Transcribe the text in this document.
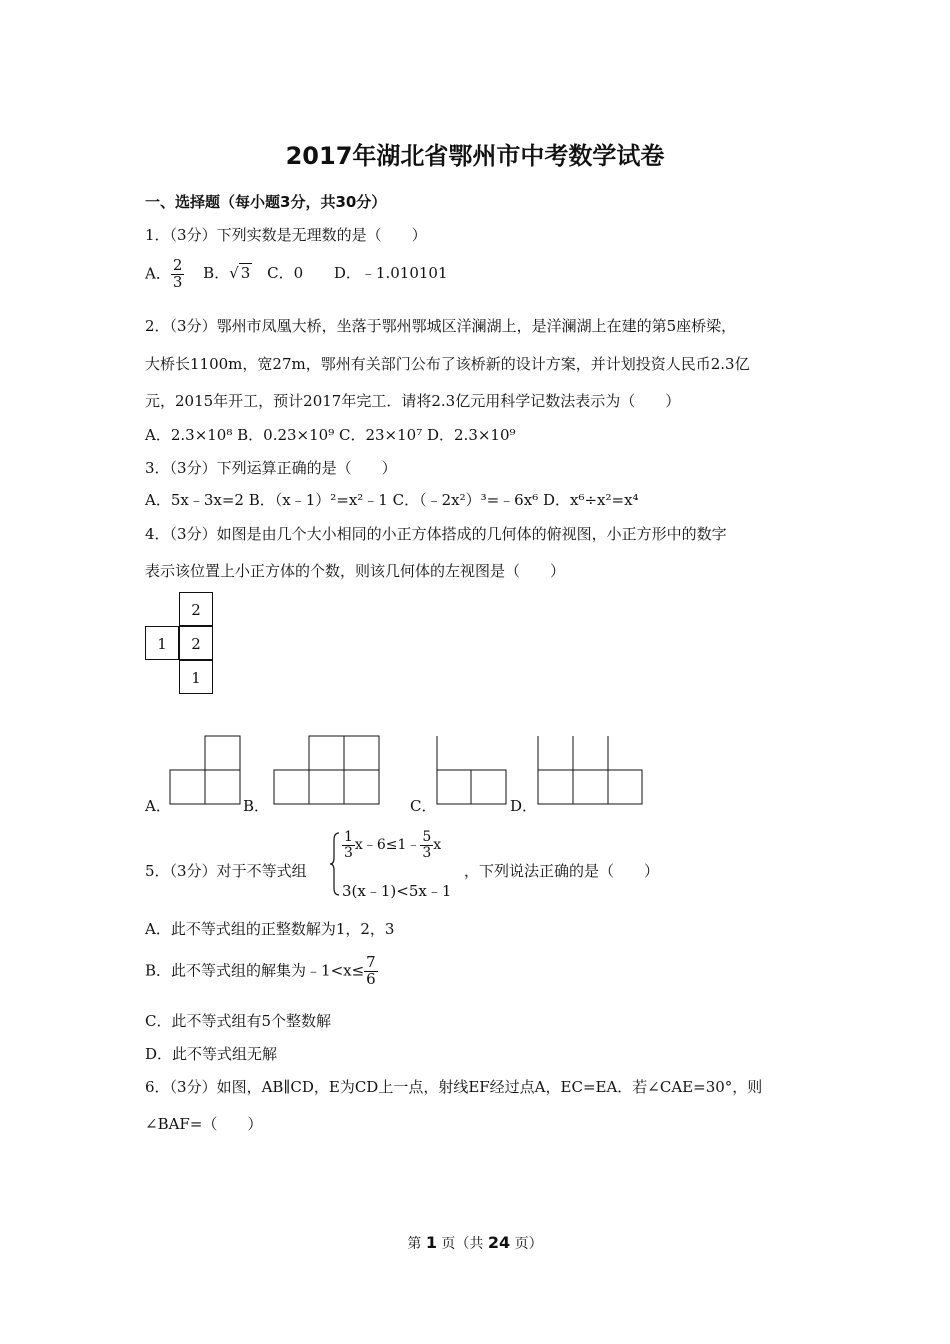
2017年湖北省鄂州市中考数学试卷
一、选择题（每小题3分，共30分）
1．（3分）下列实数是无理数的是（　　）
A． $\frac{2}{3}$ B．√ 3 C．0 D．﹣1.010101
2．（3分）鄂州市凤凰大桥，坐落于鄂州鄂城区洋澜湖上，是洋澜湖上在建的第5座桥梁，
大桥长1100m，宽27m，鄂州有关部门公布了该桥新的设计方案，并计划投资人民币2.3亿
元，2015年开工，预计2017年完工．请将2.3亿元用科学记数法表示为（　　）
A．2.3×10⁸ B．0.23×10⁹ C．23×10⁷ D．2.3×10⁹
3．（3分）下列运算正确的是（　　）
A．5x﹣3x=2 B．（x﹣1）²=x²﹣1 C．（﹣2x²）³=﹣6x⁶ D．x⁶÷x²=x⁴
4．（3分）如图是由几个大小相同的小正方体搭成的几何体的俯视图，小正方形中的数字
表示该位置上小正方体的个数，则该几何体的左视图是（　　）
2
1	2
1
A．	B．	C．	D．
5．（3分）对于不等式组
$\frac{1}{3}$ x﹣6≤1﹣ $\frac{5}{3}$ x
3(x﹣1)<5x﹣1
，下列说法正确的是（　　）
A．此不等式组的正整数解为1，2，3
B．此不等式组的解集为﹣1<x≤ $\frac{7}{6}$
C．此不等式组有5个整数解
D．此不等式组无解
6．（3分）如图，AB∥CD，E为CD上一点，射线EF经过点A，EC=EA．若∠CAE=30°，则
∠BAF=（　　）
第 1 页（共 24 页）
